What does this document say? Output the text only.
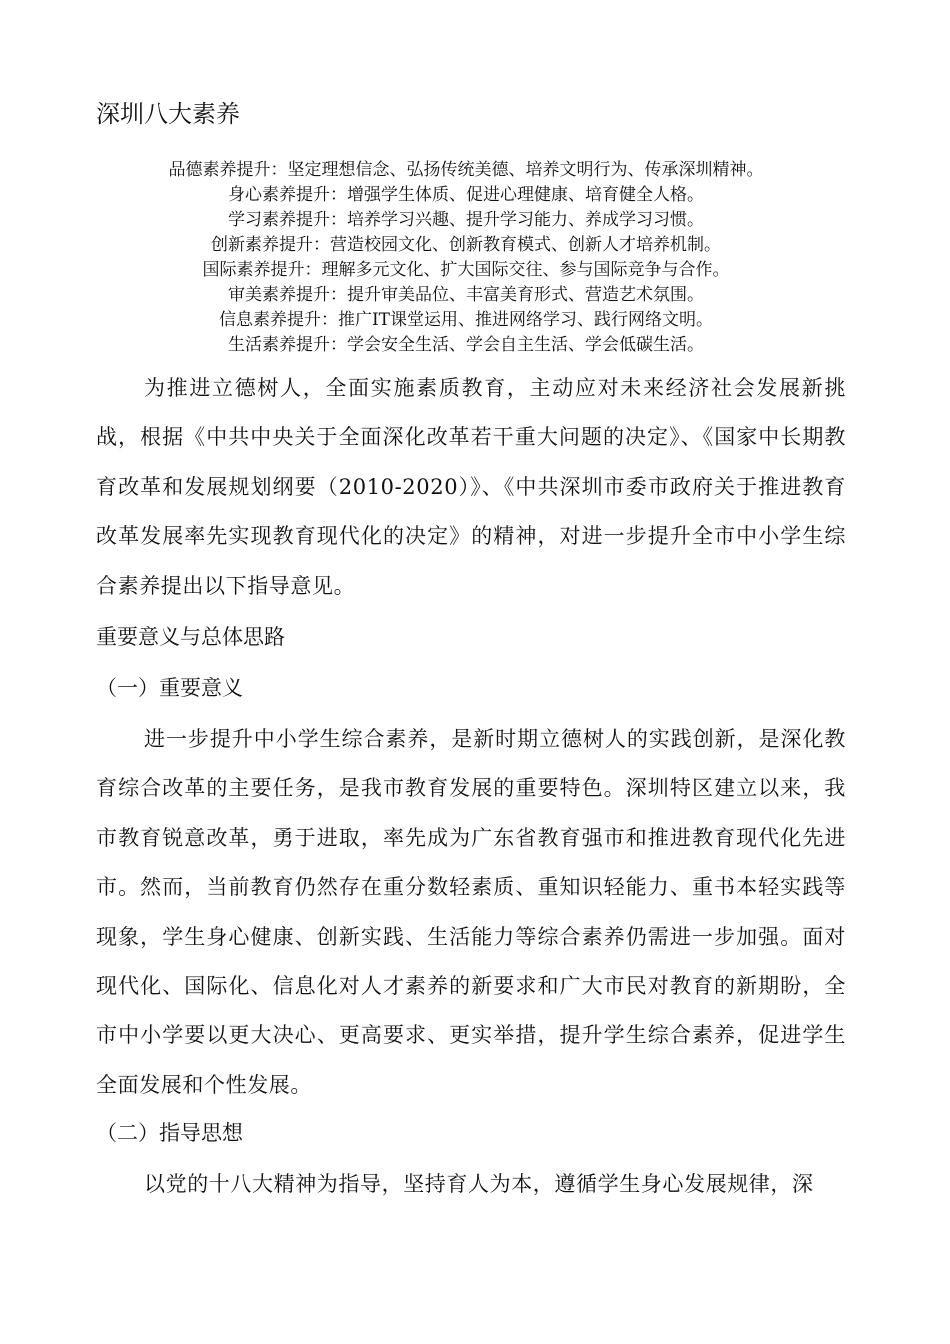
深圳八大素养
品德素养提升：坚定理想信念、弘扬传统美德、培养文明行为、传承深圳精神。
身心素养提升：增强学生体质、促进心理健康、培育健全人格。
学习素养提升：培养学习兴趣、提升学习能力、养成学习习惯。
创新素养提升：营造校园文化、创新教育模式、创新人才培养机制。
国际素养提升：理解多元文化、扩大国际交往、参与国际竞争与合作。
审美素养提升：提升审美品位、丰富美育形式、营造艺术氛围。
信息素养提升：推广IT课堂运用、推进网络学习、践行网络文明。
生活素养提升：学会安全生活、学会自主生活、学会低碳生活。

为推进立德树人，全面实施素质教育，主动应对未来经济社会发展新挑战，根据《中共中央关于全面深化改革若干重大问题的决定》、《国家中长期教育改革和发展规划纲要（2010-2020）》、《中共深圳市委市政府关于推进教育改革发展率先实现教育现代化的决定》的精神，对进一步提升全市中小学生综合素养提出以下指导意见。

重要意义与总体思路
（一）重要意义

进一步提升中小学生综合素养，是新时期立德树人的实践创新，是深化教育综合改革的主要任务，是我市教育发展的重要特色。深圳特区建立以来，我市教育锐意改革，勇于进取，率先成为广东省教育强市和推进教育现代化先进市。然而，当前教育仍然存在重分数轻素质、重知识轻能力、重书本轻实践等现象，学生身心健康、创新实践、生活能力等综合素养仍需进一步加强。面对现代化、国际化、信息化对人才素养的新要求和广大市民对教育的新期盼，全市中小学要以更大决心、更高要求、更实举措，提升学生综合素养，促进学生全面发展和个性发展。

（二）指导思想

以党的十八大精神为指导，坚持育人为本，遵循学生身心发展规律，深
